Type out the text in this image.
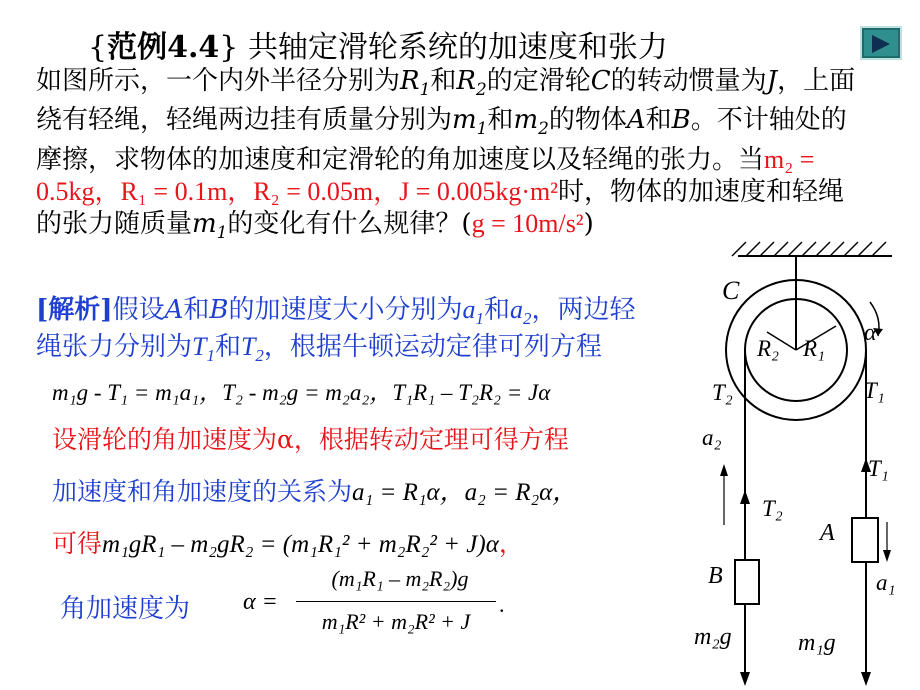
{范例4.4} 共轴定滑轮系统的加速度和张力
如图所示，一个内外半径分别为$R_1$和$R_2$的定滑轮C的转动惯量为J，上面绕有轻绳，轻绳两边挂有质量分别为$m_1$和$m_2$的物体A和B。不计轴处的摩擦，求物体的加速度和定滑轮的角加速度以及轻绳的张力。当m₂ = 0.5kg，R₁ = 0.1m，R₂ = 0.05m，J = 0.005kg·m²时，物体的加速度和轻绳的张力随质量$m_1$的变化有什么规律？(g = 10m/s²)
[解析]假设A和B的加速度大小分别为$a_1$和$a_2$，两边轻
绳张力分别为$T_1$和$T_2$，根据牛顿运动定律可列方程
m₁g - T₁ = m₁a₁，T₂ - m₂g = m₂a₂，T₁R₁ – T₂R₂ = Jα
设滑轮的角加速度为α，根据转动定理可得方程
加速度和角加速度的关系为a₁ = R₁α，a₂ = R₂α，
可得m₁gR₁ – m₂gR₂ = (m₁R₁² + m₂R₂² + J)α，
角加速度为 α =
(m₁R₁ – m₂R₂)g
m₁R² + m₂R² + J
.
C
α
R₂ R₁
T₂	T₁
a₂
T₁
T₂
A
B	a₁
m₂g	m₁g
